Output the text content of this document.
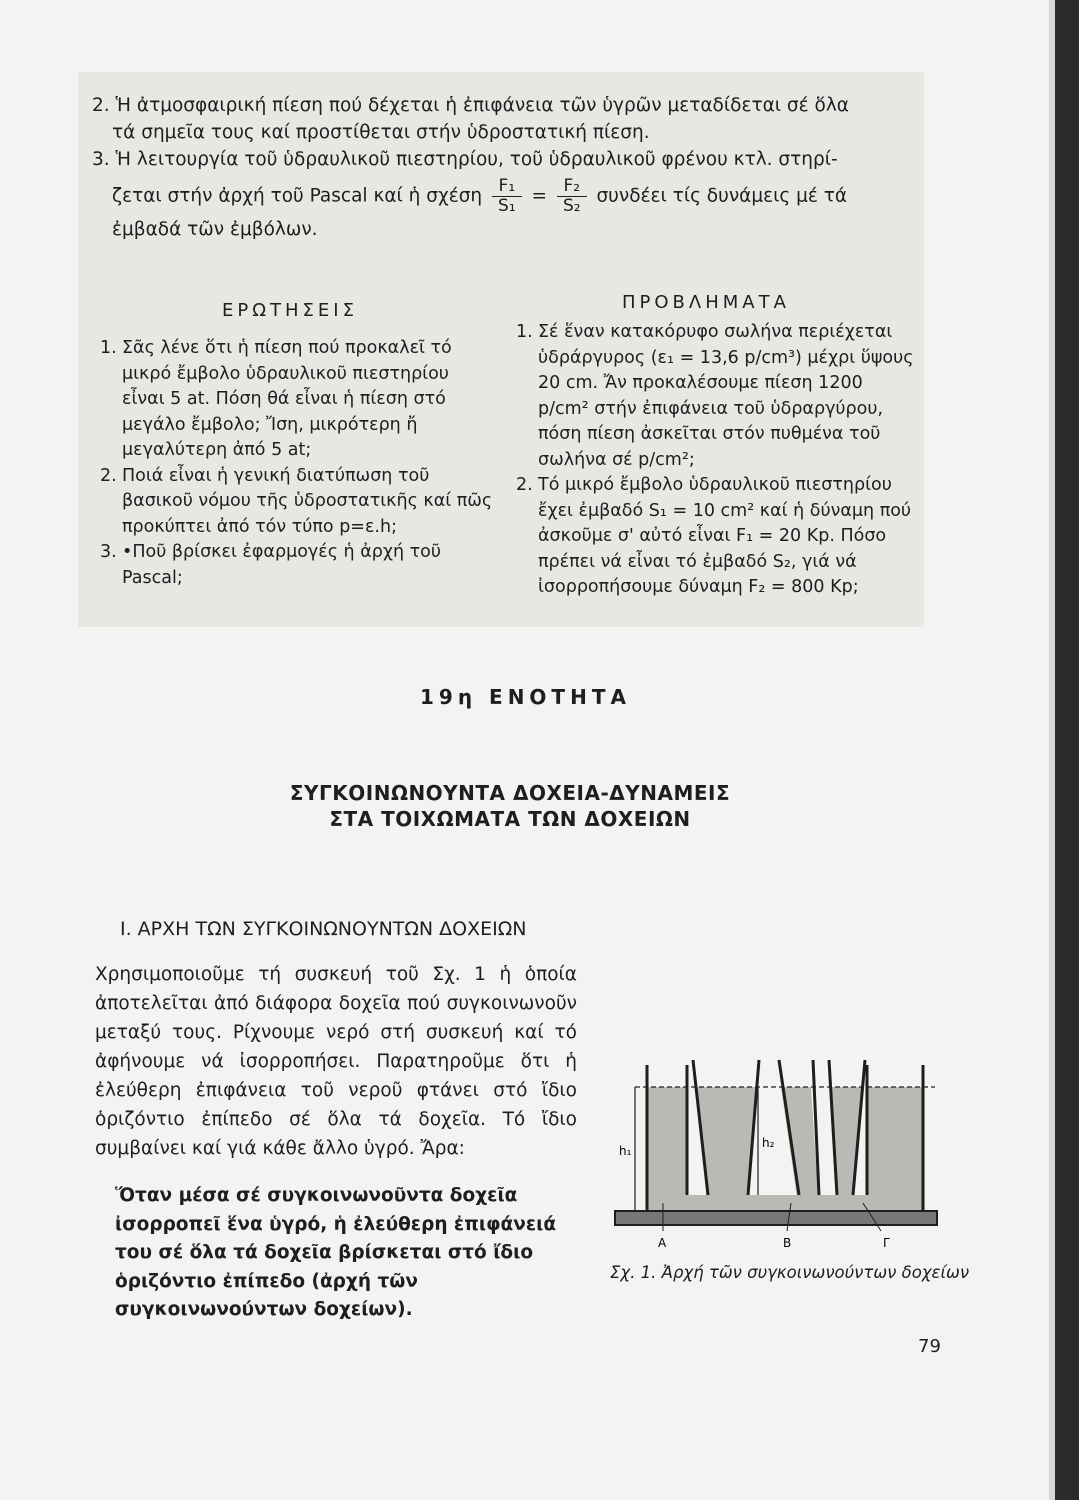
2. Ἡ ἀτμοσφαιρική πίεση πού δέχεται ἡ ἐπιφάνεια τῶν ὑγρῶν μεταδίδεται σέ ὅλα

τά σημεῖα τους καί προστίθεται στήν ὑδροστατική πίεση.

3. Ἡ λειτουργία τοῦ ὑδραυλικοῦ πιεστηρίου, τοῦ ὑδραυλικοῦ φρένου κτλ. στηρί-

ζεται στήν ἀρχή τοῦ Pascal καί ἡ σχέση $\frac{\text{F₁}}{\text{S₁}} = \frac{\text{F₂}}{\text{S₂}}$ συνδέει τίς δυνάμεις μέ τά

ἐμβαδά τῶν ἐμβόλων.

ΕΡΩΤΗΣΕΙΣ
1. Σᾶς λένε ὅτι ἡ πίεση πού προκαλεῖ τό μικρό ἔμβολο ὑδραυλικοῦ πιεστηρίου εἶναι 5 at. Πόση θά εἶναι ἡ πίεση στό μεγάλο ἔμβολο; Ἴση, μικρότερη ἤ μεγαλύτερη ἀπό 5 at;
2. Ποιά εἶναι ἡ γενική διατύπωση τοῦ βασικοῦ νόμου τῆς ὑδροστατικῆς καί πῶς προκύπτει ἀπό τόν τύπο p=ε.h;
3. •Ποῦ βρίσκει ἐφαρμογές ἡ ἀρχή τοῦ Pascal;
ΠΡΟΒΛΗΜΑΤΑ
1. Σέ ἕναν κατακόρυφο σωλήνα περιέχεται ὑδράργυρος (ε₁ = 13,6 p/cm³) μέχρι ὕψους 20 cm. Ἄν προκαλέσουμε πίεση 1200 p/cm² στήν ἐπιφάνεια τοῦ ὑδραργύρου, πόση πίεση ἀσκεῖται στόν πυθμένα τοῦ σωλήνα σέ p/cm²;
2. Τό μικρό ἔμβολο ὑδραυλικοῦ πιεστηρίου ἔχει ἐμβαδό S₁ = 10 cm² καί ἡ δύναμη πού ἀσκοῦμε σ' αὐτό εἶναι F₁ = 20 Kp. Πόσο πρέπει νά εἶναι τό ἐμβαδό S₂, γιά νά ἰσορροπήσουμε δύναμη F₂ = 800 Kp;
19η ΕΝΟΤΗΤΑ
ΣΥΓΚΟΙΝΩΝΟΥΝΤΑ ΔΟΧΕΙΑ-ΔΥΝΑΜΕΙΣ
ΣΤΑ ΤΟΙΧΩΜΑΤΑ ΤΩΝ ΔΟΧΕΙΩΝ
Ι. ΑΡΧΗ ΤΩΝ ΣΥΓΚΟΙΝΩΝΟΥΝΤΩΝ ΔΟΧΕΙΩΝ
Χρησιμοποιοῦμε τή συσκευή τοῦ Σχ. 1 ἡ ὁποία ἀποτελεῖται ἀπό διάφορα δοχεῖα πού συγκοινωνοῦν μεταξύ τους. Ρίχνουμε νερό στή συσκευή καί τό ἀφήνουμε νά ἰσορροπήσει. Παρατηροῦμε ὅτι ἡ ἐλεύθερη ἐπιφάνεια τοῦ νεροῦ φτάνει στό ἴδιο ὁριζόντιο ἐπίπεδο σέ ὅλα τά δοχεῖα. Τό ἴδιο συμβαίνει καί γιά κάθε ἄλλο ὑγρό. Ἄρα:
Ὅταν μέσα σέ συγκοινωνοῦντα δοχεῖα ἰσορροπεῖ ἕνα ὑγρό, ἡ ἐλεύθερη ἐπιφάνειά του σέ ὅλα τά δοχεῖα βρίσκεται στό ἴδιο ὁριζόντιο ἐπίπεδο (ἀρχή τῶν συγκοινωνούντων δοχείων).
h₁
h₂
Α	Β	Γ
Σχ. 1. Ἀρχή τῶν συγκοινωνούντων δοχείων
79
